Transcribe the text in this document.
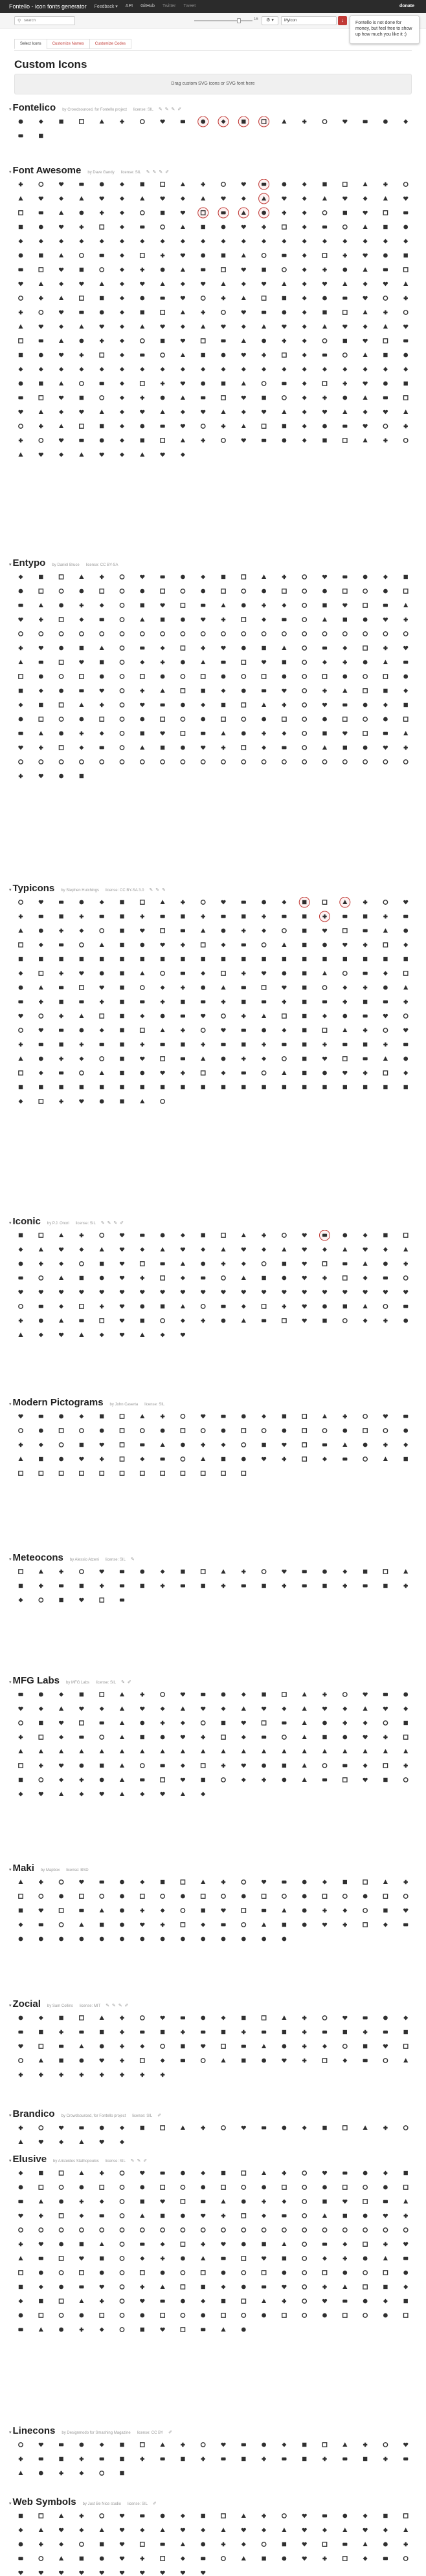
Fontello - icon fonts generator Feedback ▾ API GitHub Twitter Tweet	donate
⚲
search	16	⚙ ▾	MyIcon	↓	Fontello is not done for money, but feel free to show up how much you like it :)
Select Icons	Customize Names	Customize Codes
Custom Icons
Drag custom SVG icons or SVG font here
▾ Fontelico by Crowdsourced, for Fontello project license: SIL ✎ ✎ ✎ ✐
▾ Font Awesome by Dave Gandy license: SIL ✎ ✎ ✎ ✐
▾ Entypo by Daniel Bruce license: CC BY-SA
▾ Typicons by Stephen Hutchings license: CC BY-SA 3.0 ✎ ✎ ✎
▾ Iconic by P.J. Onori license: SIL ✎ ✎ ✎ ✐
▾ Modern Pictograms by John Caserta license: SIL
▾ Meteocons by Alessio Atzeni license: SIL ✎
▾ MFG Labs by MFG Labs license: SIL ✎ ✐
▾ Maki by Mapbox license: BSD
▾ Zocial by Sam Collins license: MIT ✎ ✎ ✎ ✐
▾ Brandico by Crowdsourced, for Fontello project license: SIL ✐
▾ Elusive by Aristeides Stathopoulos license: SIL ✎ ✎ ✐
▾ Linecons by Designmodo for Smashing Magazine license: CC BY ✐
▾ Web Symbols by Just Be Nice studio license: SIL ✐
